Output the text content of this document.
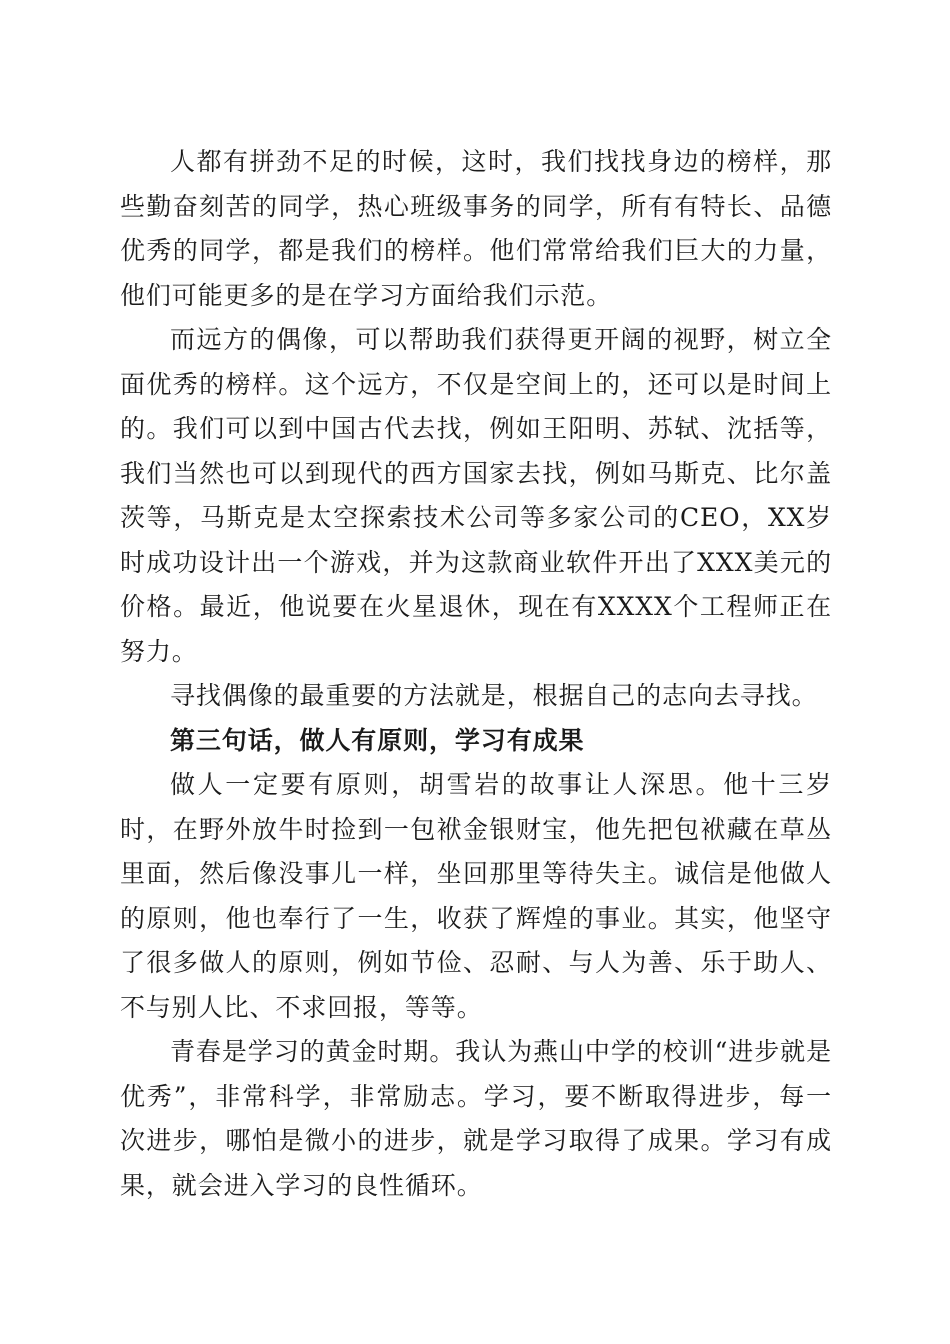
人都有拼劲不足的时候，这时，我们找找身边的榜样，那些勤奋刻苦的同学，热心班级事务的同学，所有有特长、品德优秀的同学，都是我们的榜样。他们常常给我们巨大的力量，他们可能更多的是在学习方面给我们示范。

而远方的偶像，可以帮助我们获得更开阔的视野，树立全面优秀的榜样。这个远方，不仅是空间上的，还可以是时间上的。我们可以到中国古代去找，例如王阳明、苏轼、沈括等，我们当然也可以到现代的西方国家去找，例如马斯克、比尔盖茨等，马斯克是太空探索技术公司等多家公司的CEO，XX岁时成功设计出一个游戏，并为这款商业软件开出了XXX美元的价格。最近，他说要在火星退休，现在有XXXX个工程师正在努力。

寻找偶像的最重要的方法就是，根据自己的志向去寻找。

第三句话，做人有原则，学习有成果

做人一定要有原则，胡雪岩的故事让人深思。他十三岁时，在野外放牛时捡到一包袱金银财宝，他先把包袱藏在草丛里面，然后像没事儿一样，坐回那里等待失主。诚信是他做人的原则，他也奉行了一生，收获了辉煌的事业。其实，他坚守了很多做人的原则，例如节俭、忍耐、与人为善、乐于助人、不与别人比、不求回报，等等。

青春是学习的黄金时期。我认为燕山中学的校训“进步就是优秀”，非常科学，非常励志。学习，要不断取得进步，每一次进步，哪怕是微小的进步，就是学习取得了成果。学习有成果，就会进入学习的良性循环。
